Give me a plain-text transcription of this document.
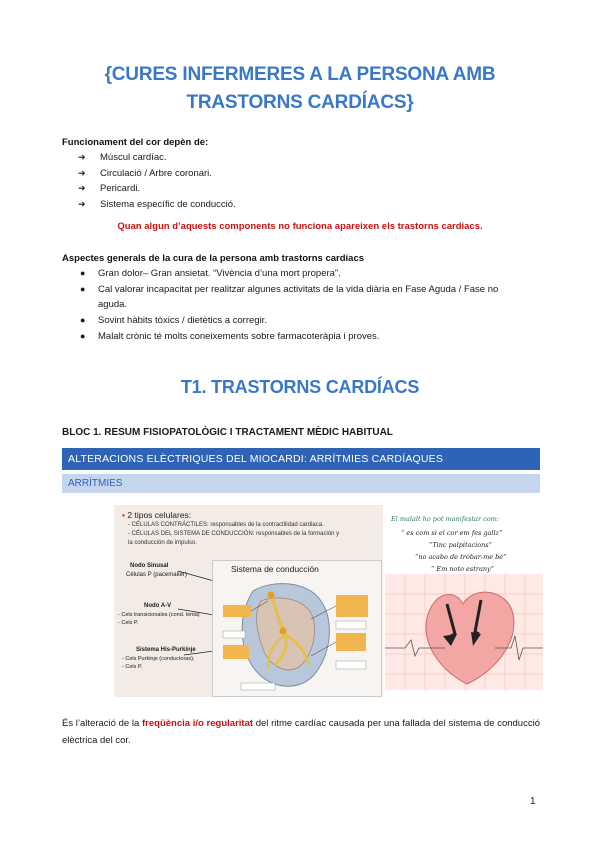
{CURES INFERMERES A LA PERSONA AMB
TRASTORNS CARDÍACS}
Funcionament del cor depèn de:
➔ Múscul cardíac.
➔ Circulació / Arbre coronari.
➔ Pericardi.
➔ Sistema específic de conducció.
Quan algun d’aquests components no funciona apareixen els trastorns cardíacs.
Aspectes generals de la cura de la persona amb trastorns cardíacs
● Gran dolor– Gran ansietat. “Vivència d’una mort propera”.
● Cal valorar incapacitat per realitzar algunes activitats de la vida diària en Fase Aguda / Fase no aguda.
● Sovint hàbits tòxics / dietètics a corregir.
● Malalt crònic té molts coneixements sobre farmacoteràpia i proves.
T1. TRASTORNS CARDÍACS
BLOC 1. RESUM FISIOPATOLÒGIC I TRACTAMENT MÈDIC HABITUAL
ALTERACIONS ELÈCTRIQUES DEL MIOCARDI: ARRÍTMIES CARDÍAQUES
ARRÍTMIES
▪ 2 tipos celulares:
- CÉLULAS CONTRÁCTILES: responsables de la contractilidad cardiaca.
- CÉLULAS DEL SISTEMA DE CONDUCCIÓN: responsables de la formación y
la conducción de impulso.
Nodo Sinusal
Células P (pacemaker)
Nodo A-V
- Cels transicionales (cond. lenta)
- Cels P.
Sistema His-Purkinje
- Cels Purkinje (conductoras);
- Cels P.
Sistema de conducción
El malalt ho pot manifestar com:
“ es com si el cor em fes gallz”
“Tinc palpitacions”
“no acabo de trobar-me bé”
“ Em noto estrany”
És l’alteració de la freqüència i/o regularitat del ritme cardíac causada per una fallada del sistema de conducció elèctrica del cor.
1
